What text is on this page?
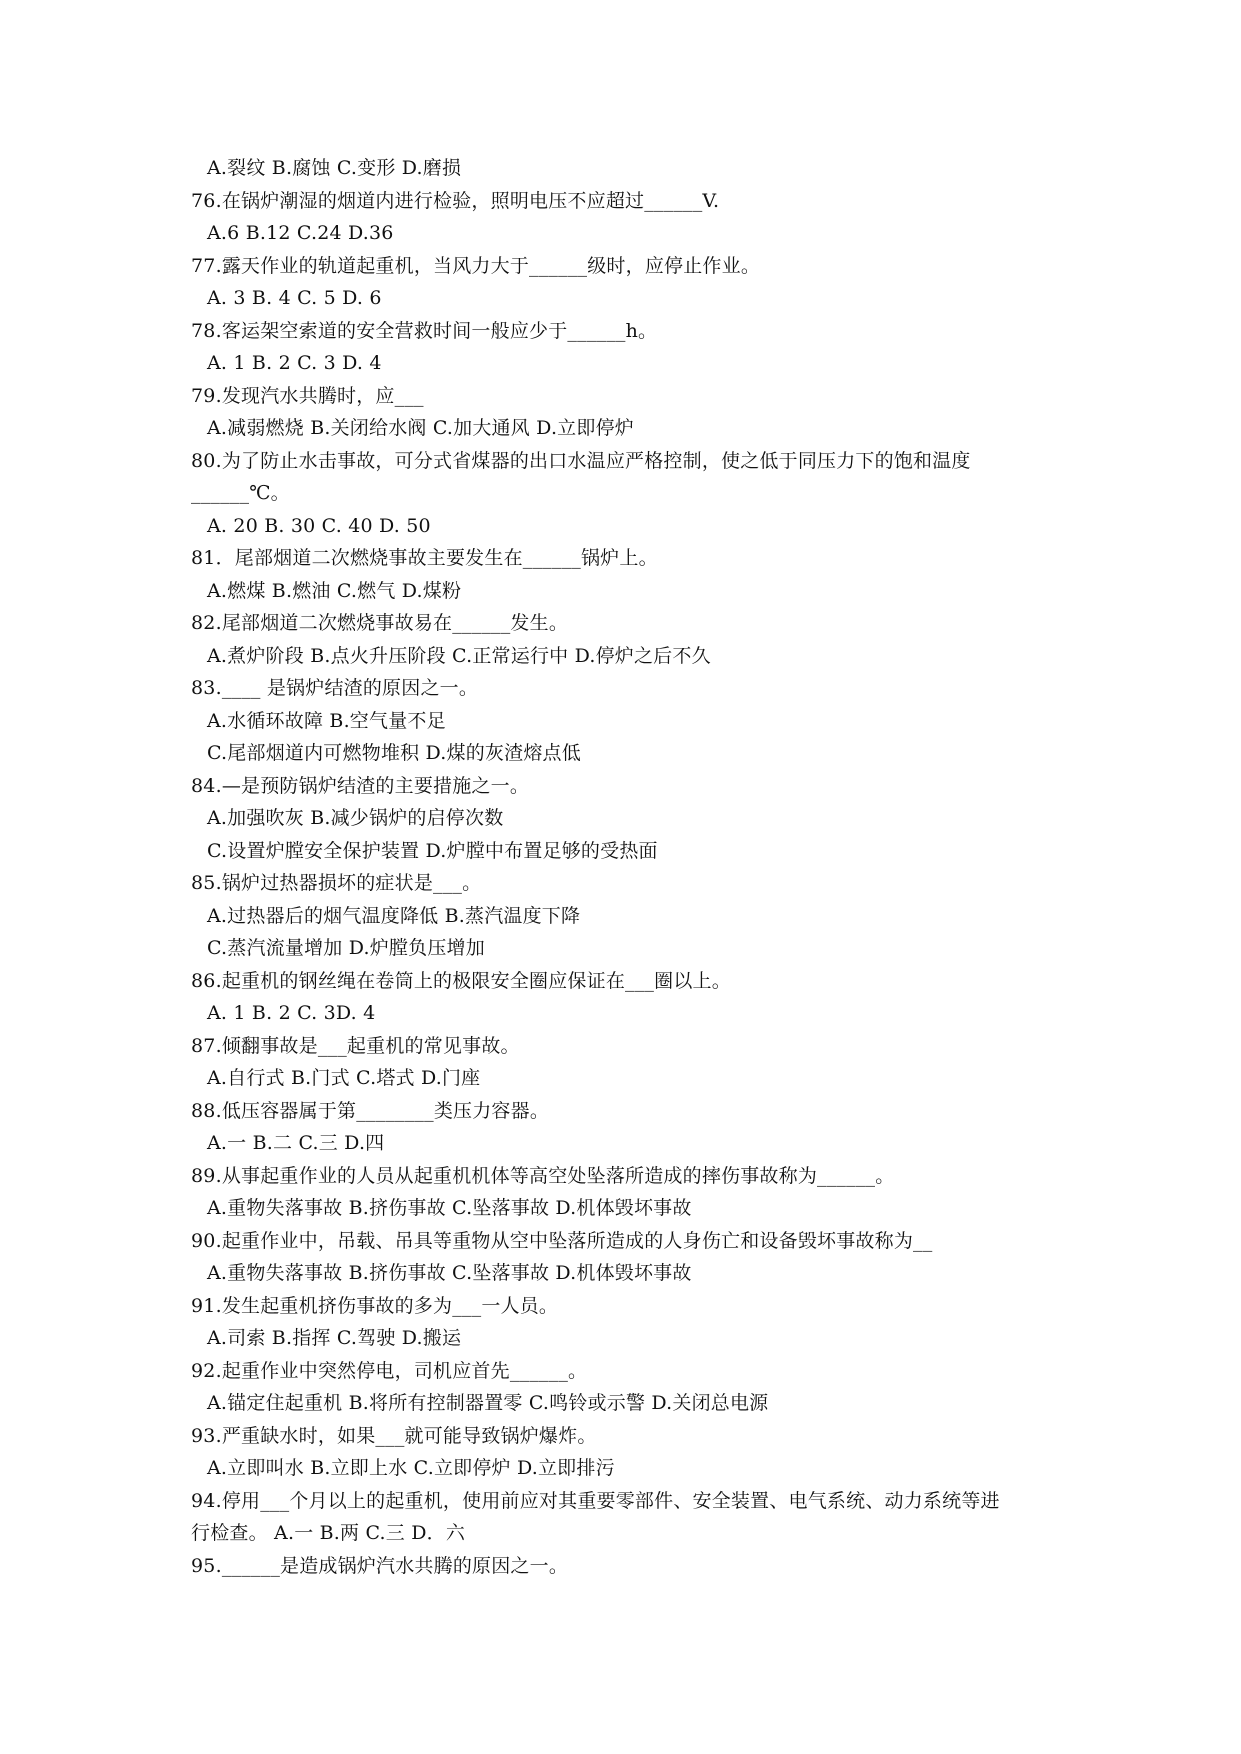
A.裂纹 B.腐蚀 C.变形 D.磨损
76.在锅炉潮湿的烟道内进行检验，照明电压不应超过______V.
A.6 B.12 C.24 D.36
77.露天作业的轨道起重机，当风力大于______级时，应停止作业。
A. 3 B. 4 C. 5 D. 6
78.客运架空索道的安全营救时间一般应少于______h。
A. 1 B. 2 C. 3 D. 4
79.发现汽水共腾时，应___
A.减弱燃烧 B.关闭给水阀 C.加大通风 D.立即停炉
80.为了防止水击事故，可分式省煤器的出口水温应严格控制，使之低于同压力下的饱和温度
______℃。
A. 20 B. 30 C. 40 D. 50
81．尾部烟道二次燃烧事故主要发生在______锅炉上。
A.燃煤 B.燃油 C.燃气 D.煤粉
82.尾部烟道二次燃烧事故易在______发生。
A.煮炉阶段 B.点火升压阶段 C.正常运行中 D.停炉之后不久
83.____ 是锅炉结渣的原因之一。
A.水循环故障 B.空气量不足
C.尾部烟道内可燃物堆积 D.煤的灰渣熔点低
84.—是预防锅炉结渣的主要措施之一。
A.加强吹灰 B.减少锅炉的启停次数
C.设置炉膛安全保护装置 D.炉膛中布置足够的受热面
85.锅炉过热器损坏的症状是___。
A.过热器后的烟气温度降低 B.蒸汽温度下降
C.蒸汽流量增加 D.炉膛负压增加
86.起重机的钢丝绳在卷筒上的极限安全圈应保证在___圈以上。
A. 1 B. 2 C. 3D. 4
87.倾翻事故是___起重机的常见事故。
A.自行式 B.门式 C.塔式 D.门座
88.低压容器属于第________类压力容器。
A.一 B.二 C.三 D.四
89.从事起重作业的人员从起重机机体等高空处坠落所造成的摔伤事故称为______。
A.重物失落事故 B.挤伤事故 C.坠落事故 D.机体毁坏事故
90.起重作业中，吊载、吊具等重物从空中坠落所造成的人身伤亡和设备毁坏事故称为__
A.重物失落事故 B.挤伤事故 C.坠落事故 D.机体毁坏事故
91.发生起重机挤伤事故的多为___一人员。
A.司索 B.指挥 C.驾驶 D.搬运
92.起重作业中突然停电，司机应首先______。
A.锚定住起重机 B.将所有控制器置零 C.鸣铃或示警 D.关闭总电源
93.严重缺水时，如果___就可能导致锅炉爆炸。
A.立即叫水 B.立即上水 C.立即停炉 D.立即排污
94.停用___个月以上的起重机，使用前应对其重要零部件、安全装置、电气系统、动力系统等进
行检查。 A.一 B.两 C.三 D．六
95.______是造成锅炉汽水共腾的原因之一。
